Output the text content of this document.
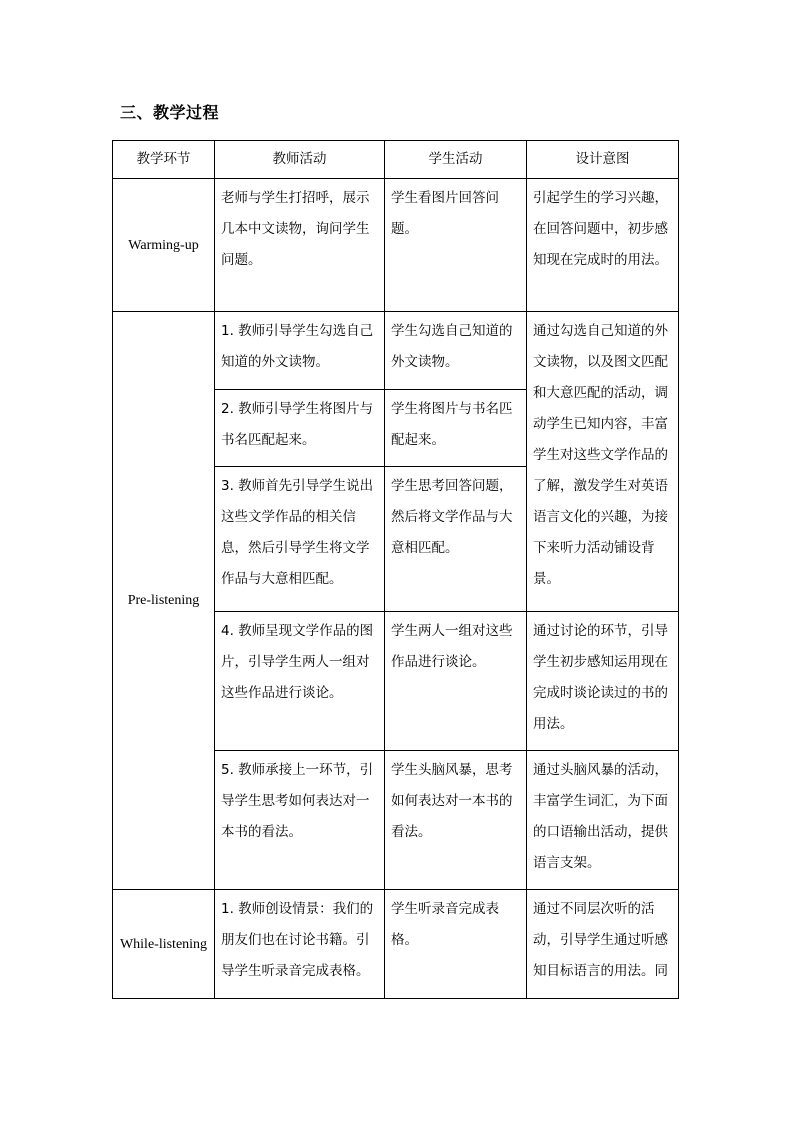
三、教学过程
教学环节	教师活动	学生活动	设计意图
Warming-up	老师与学生打招呼，展示几本中文读物，询问学生问题。	学生看图片回答问题。	引起学生的学习兴趣，在回答问题中，初步感知现在完成时的用法。
Pre-listening	1. 教师引导学生勾选自己知道的外文读物。	学生勾选自己知道的外文读物。	通过勾选自己知道的外文读物，以及图文匹配和大意匹配的活动，调动学生已知内容，丰富学生对这些文学作品的了解，激发学生对英语语言文化的兴趣，为接下来听力活动铺设背景。
	2. 教师引导学生将图片与书名匹配起来。	学生将图片与书名匹配起来。	
	3. 教师首先引导学生说出这些文学作品的相关信息，然后引导学生将文学作品与大意相匹配。	学生思考回答问题，然后将文学作品与大意相匹配。	
	4. 教师呈现文学作品的图片，引导学生两人一组对这些作品进行谈论。	学生两人一组对这些作品进行谈论。	通过讨论的环节，引导学生初步感知运用现在完成时谈论读过的书的用法。
	5. 教师承接上一环节，引导学生思考如何表达对一本书的看法。	学生头脑风暴，思考如何表达对一本书的看法。	通过头脑风暴的活动，丰富学生词汇，为下面的口语输出活动，提供语言支架。
While-listening	1. 教师创设情景：我们的朋友们也在讨论书籍。引导学生听录音完成表格。	学生听录音完成表格。	通过不同层次听的活动，引导学生通过听感知目标语言的用法。同
